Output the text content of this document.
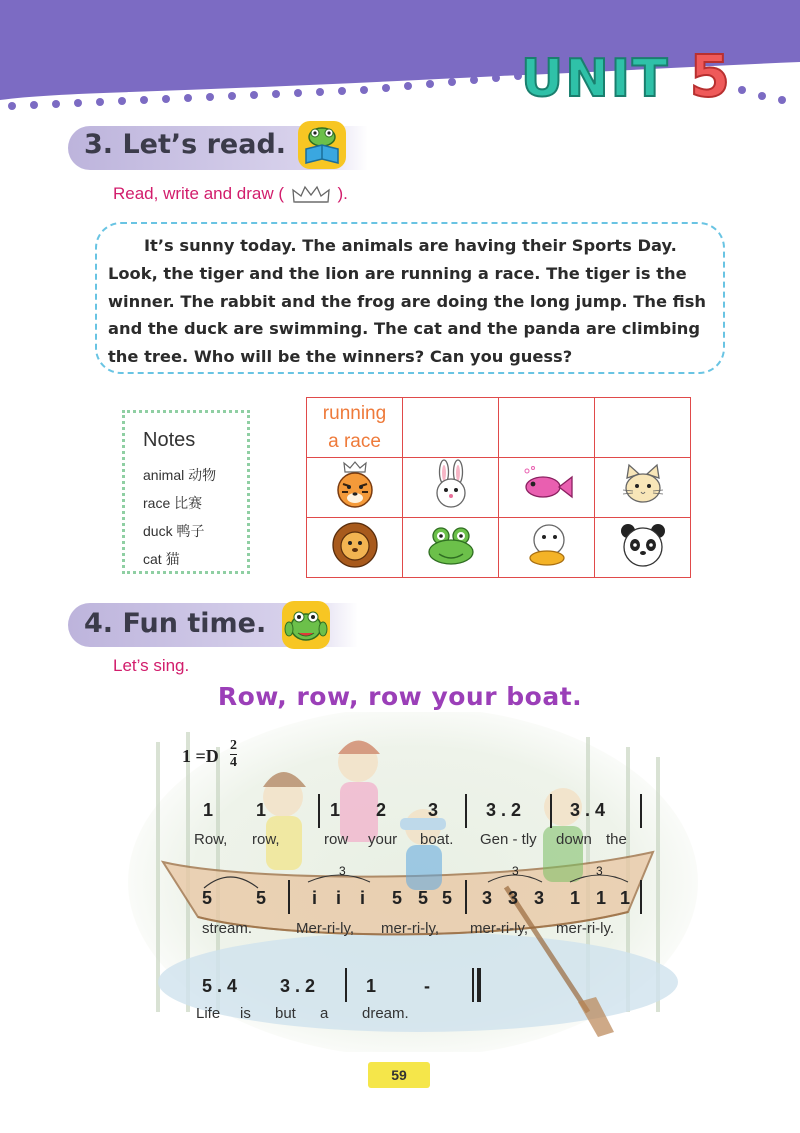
UNIT 5
3. Let’s read.
Read, write and draw (	).

It’s sunny today. The animals are having their Sports Day. Look, the tiger and the lion are running a race. The tiger is the winner. The rabbit and the frog are doing the long jump. The fish and the duck are swimming. The cat and the panda are climbing the tree. Who will be the winners? Can you guess?

Notes
animal 动物
race 比赛
duck 鸭子
cat 猫
running
a race			

4. Fun time.
Let’s sing.
Row, row, row your boat.
1 =D
2
4
1 1	1 2 3	3 . 2	3 . 4
Row, row,	row your boat. Gen - tly down the
3	3	3
5 5	i i i 5 5 5 3 3 3 1 1 1
stream.	Mer-ri-ly, mer-ri-ly, mer-ri-ly, mer-ri-ly.
5 . 4 3 . 2	1	-
Life is but a dream.
59
